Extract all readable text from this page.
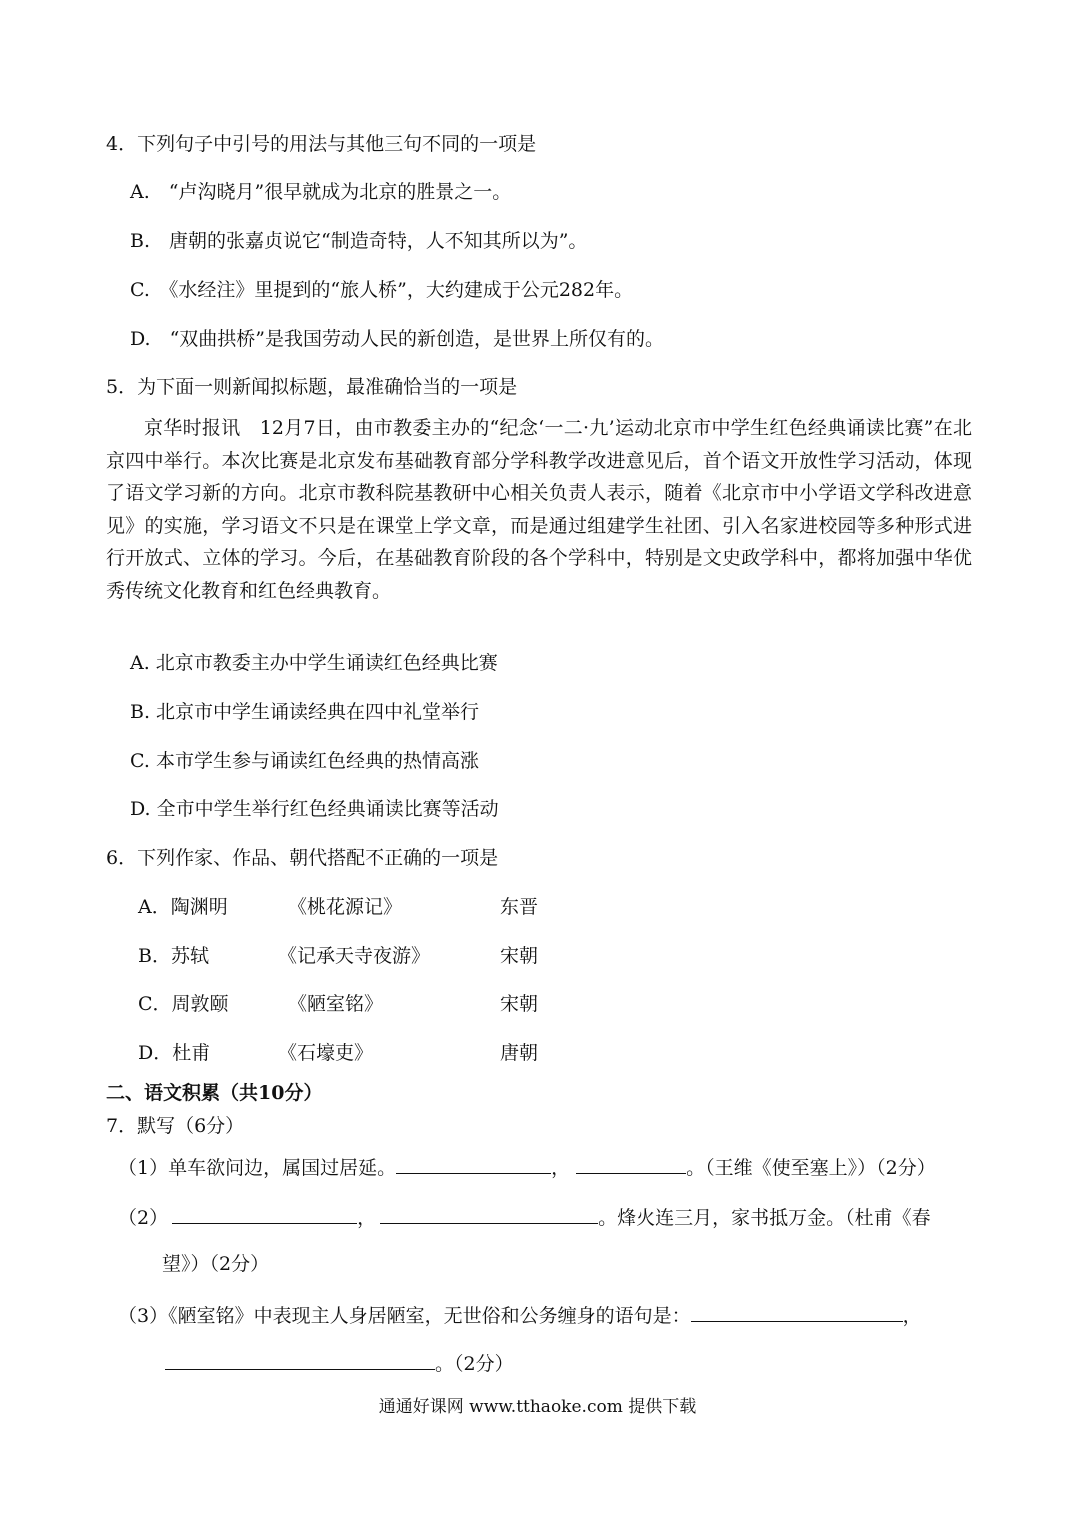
4．下列句子中引号的用法与其他三句不同的一项是
A.　“卢沟晓月”很早就成为北京的胜景之一。
B.　唐朝的张嘉贞说它“制造奇特，人不知其所以为”。
C.　《水经注》里提到的“旅人桥”，大约建成于公元282年。
D.　“双曲拱桥”是我国劳动人民的新创造，是世界上所仅有的。
5．为下面一则新闻拟标题，最准确恰当的一项是
京华时报讯　12月7日，由市教委主办的“纪念‘一二·九’运动北京市中学生红色经典诵读比赛”在北京四中举行。本次比赛是北京发布基础教育部分学科教学改进意见后，首个语文开放性学习活动，体现了语文学习新的方向。北京市教科院基教研中心相关负责人表示，随着《北京市中小学语文学科改进意见》的实施，学习语文不只是在课堂上学文章，而是通过组建学生社团、引入名家进校园等多种形式进行开放式、立体的学习。今后，在基础教育阶段的各个学科中，特别是文史政学科中，都将加强中华优秀传统文化教育和红色经典教育。
A. 北京市教委主办中学生诵读红色经典比赛
B. 北京市中学生诵读经典在四中礼堂举行
C. 本市学生参与诵读红色经典的热情高涨
D. 全市中学生举行红色经典诵读比赛等活动
6．下列作家、作品、朝代搭配不正确的一项是
A．陶渊明	《桃花源记》	东晋
B．苏轼	《记承天寺夜游》	宋朝
C．周敦颐	《陋室铭》	宋朝
D．杜甫	《石壕吏》	唐朝
二、语文积累（共10分）
7．默写（6分）
（1）单车欲问边，属国过居延。	，	。（王维《使至塞上》）（2分）
（2）	，	。烽火连三月，家书抵万金。（杜甫《春
望》）（2分）
（3）《陋室铭》中表现主人身居陋室，无世俗和公务缠身的语句是：	，
。（2分）
通通好课网 www.tthaoke.com 提供下载
